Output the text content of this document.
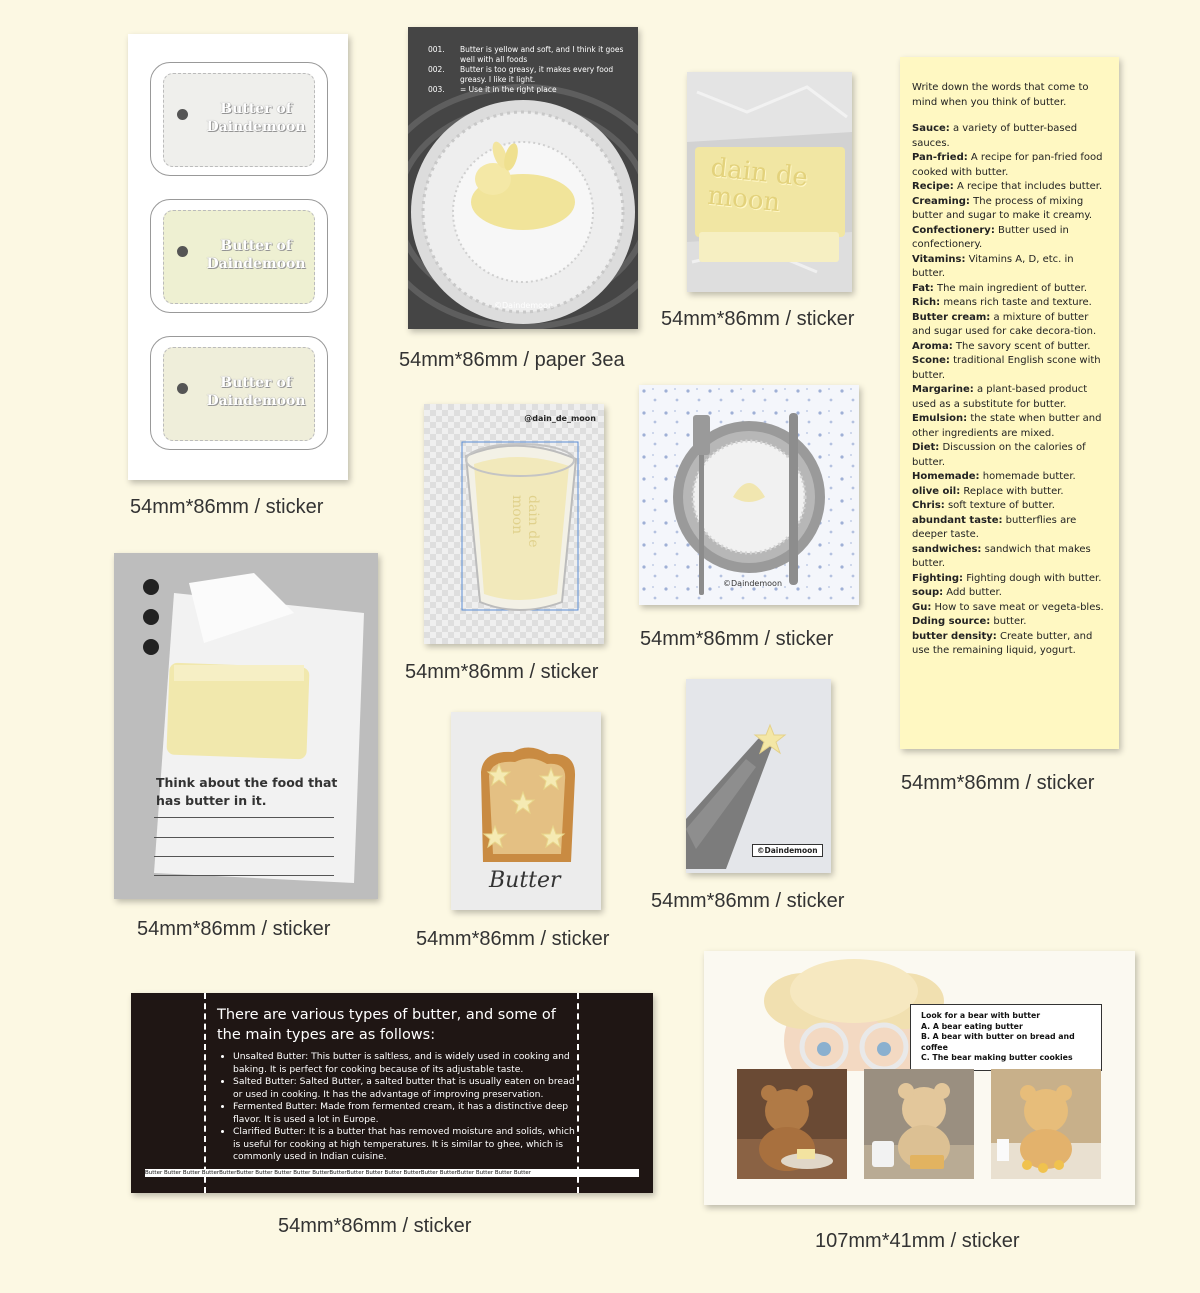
Butter of
Daindemoon
Butter of
Daindemoon
Butter of
Daindemoon
54mm*86mm / sticker
001.	Butter is yellow and soft, and I think it goes well with all foods
002.	Butter is too greasy, it makes every food greasy. I like it light.
003.	= Use it in the right place
©Daindemoon
54mm*86mm / paper 3ea
dain de moon
54mm*86mm / sticker
Write down the words that come to mind when you think of butter.
Sauce: a variety of butter-based sauces.
Pan-fried: A recipe for pan-fried food cooked with butter.
Recipe: A recipe that includes butter.
Creaming: The process of mixing butter and sugar to make it creamy.
Confectionery: Butter used in confectionery.
Vitamins: Vitamins A, D, etc. in butter.
Fat: The main ingredient of butter.
Rich: means rich taste and texture.
Butter cream: a mixture of butter and sugar used for cake decora-tion.
Aroma: The savory scent of butter.
Scone: traditional English scone with butter.
Margarine: a plant-based product used as a substitute for butter.
Emulsion: the state when butter and other ingredients are mixed.
Diet: Discussion on the calories of butter.
Homemade: homemade butter.
olive oil: Replace with butter.
Chris: soft texture of butter.
abundant taste: butterflies are deeper taste.
sandwiches: sandwich that makes butter.
Fighting: Fighting dough with butter.
soup: Add butter.
Gu: How to save meat or vegeta-bles.
Dding source: butter.
butter density: Create butter, and use the remaining liquid, yogurt.
54mm*86mm / sticker
@dain_de_moon
dain de moon
54mm*86mm / sticker
©Daindemoon
54mm*86mm / sticker
Think about the food that
has butter in it.
54mm*86mm / sticker
Butter
54mm*86mm / sticker
©Daindemoon
54mm*86mm / sticker
There are various types of butter, and some of the main types are as follows:
• Unsalted Butter: This butter is saltless, and is widely used in cooking and baking. It is perfect for cooking because of its adjustable taste.
• Salted Butter: Salted Butter, a salted butter that is usually eaten on bread or used in cooking. It has the advantage of improving preservation.
• Fermented Butter: Made from fermented cream, it has a distinctive deep flavor. It is used a lot in Europe.
• Clarified Butter: It is a butter that has removed moisture and solids, which is useful for cooking at high temperatures. It is similar to ghee, which is commonly used in Indian cuisine.
Butter Butter Butter ButterButterButter Butter Butter Butter ButterButterButter Butter Butter ButterButter ButterButter Butter Butter Butter
54mm*86mm / sticker
Look for a bear with butter
A. A bear eating butter
B. A bear with butter on bread and coffee
C. The bear making butter cookies
107mm*41mm / sticker
